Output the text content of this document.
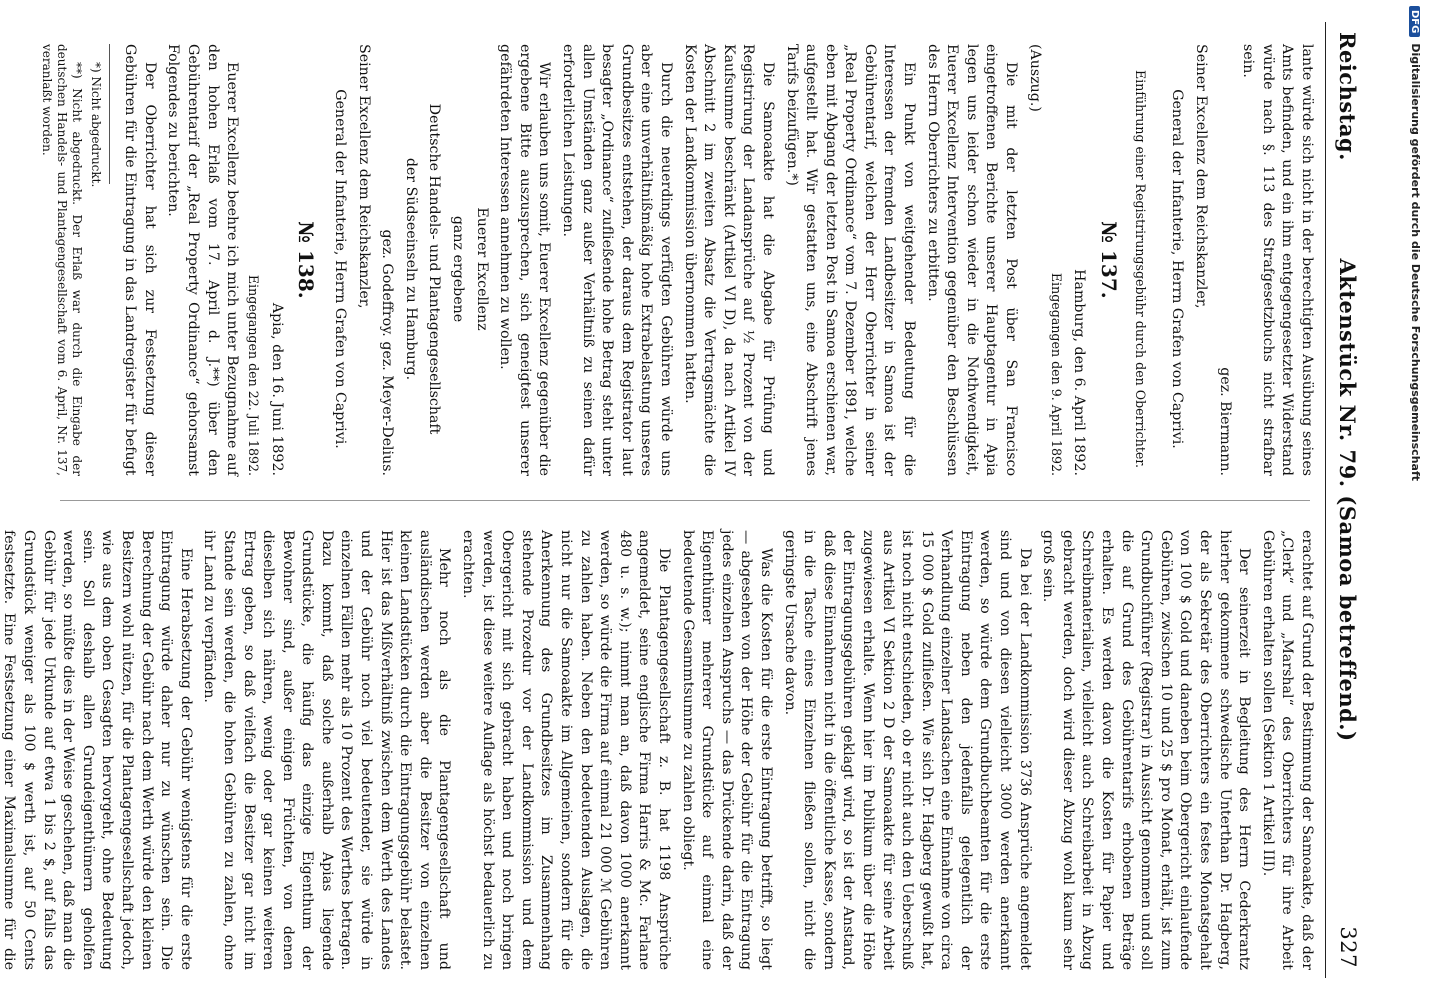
Reichstag.
Aktenstück Nr. 79. (Samoa betreffend.)
327

lante würde sich nicht in der berechtigten Ausübung seines Amts befinden, und ein ihm entgegengesetzter Widerstand würde nach §. 113 des Strafgesetzbuchs nicht strafbar sein.

gez. Biermann.

Seiner Excellenz dem Reichskanzler,

General der Infanterie, Herrn Grafen von Caprivi.

Einführung einer Registrirungsgebühr durch den Oberrichter.

№ 137.

Hamburg, den 6. April 1892.

Eingegangen den 9. April 1892.

(Auszug.)

Die mit der letzten Post über San Francisco eingetroffenen Berichte unserer Hauptagentur in Apia legen uns leider schon wieder in die Nothwendigkeit, Euerer Excellenz Intervention gegenüber den Beschlüssen des Herrn Oberrichters zu erbitten.

Ein Punkt von weitgehender Bedeutung für die Interessen der fremden Landbesitzer in Samoa ist der Gebührentarif, welchen der Herr Oberrichter in seiner „Real Property Ordinance“ vom 7. Dezember 1891, welche eben mit Abgang der letzten Post in Samoa erschienen war, aufgestellt hat. Wir gestatten uns, eine Abschrift jenes Tarifs beizufügen.*)

Die Samoaakte hat die Abgabe für Prüfung und Registrirung der Landansprüche auf ½ Prozent von der Kaufsumme beschränkt (Artikel VI D), da nach Artikel IV Abschnitt 2 im zweiten Absatz die Vertragsmächte die Kosten der Landkommission übernommen hatten.

Durch die neuerdings verfügten Gebühren würde uns aber eine unverhältnißmäßig hohe Extrabelastung unseres Grundbesitzes entstehen, der daraus dem Registrator laut besagter „Ordinance“ zufließende hohe Betrag steht unter allen Umständen ganz außer Verhältniß zu seinen dafür erforderlichen Leistungen.

Wir erlauben uns somit, Euerer Excellenz gegenüber die ergebene Bitte auszusprechen, sich geneigtest unserer gefährdeten Interessen annehmen zu wollen.

Euerer Excellenz

ganz ergebene

Deutsche Handels- und Plantagengesellschaft

der Südseeinseln zu Hamburg.

gez. Godeffroy. gez. Meyer-Delius.

Seiner Excellenz dem Reichskanzler,

General der Infanterie, Herrn Grafen von Caprivi.

№ 138.

Apia, den 16. Juni 1892.

Eingegangen den 22. Juli 1892.

Euerer Excellenz beehre ich mich unter Bezugnahme auf den hohen Erlaß vom 17. April d. J.**) über den Gebührentarif der „Real Property Ordinance“ gehorsamst Folgendes zu berichten.

Der Oberrichter hat sich zur Festsetzung dieser Gebühren für die Eintragung in das Landregister für befugt

*) Nicht abgedruckt.

**) Nicht abgedruckt. Der Erlaß war durch die Eingabe der deutschen Handels- und Plantagengesellschaft vom 6. April, Nr. 137, veranlaßt worden.

erachtet auf Grund der Bestimmung der Samoaakte, daß der „Clerk“ und „Marshal“ des Oberrichters für ihre Arbeit Gebühren erhalten sollen (Sektion 1 Artikel III).

Der seinerzeit in Begleitung des Herrn Cederkrantz hierher gekommene schwedische Unterthan Dr. Hagberg, der als Sekretär des Oberrichters ein festes Monatsgehalt von 100 $ Gold und daneben beim Obergericht einlaufende Gebühren, zwischen 10 und 25 $ pro Monat, erhält, ist zum Grundbuchführer (Registrar) in Aussicht genommen und soll die auf Grund des Gebührentarifs erhobenen Beträge erhalten. Es werden davon die Kosten für Papier und Schreibmaterialien, vielleicht auch Schreibarbeit in Abzug gebracht werden, doch wird dieser Abzug wohl kaum sehr groß sein.

Da bei der Landkommission 3736 Ansprüche angemeldet sind und von diesen vielleicht 3000 werden anerkannt werden, so würde dem Grundbuchbeamten für die erste Eintragung neben den jedenfalls gelegentlich der Verhandlung einzelner Landsachen eine Einnahme von circa 15 000 $ Gold zufließen. Wie sich Dr. Hagberg gewußt hat, ist noch nicht entschieden, ob er nicht auch den Ueberschuß aus Artikel VI Sektion 2 D der Samoaakte für seine Arbeit zugewiesen erhalte. Wenn hier im Publikum über die Höhe der Eintragungsgebühren geklagt wird, so ist der Anstand, daß diese Einnahmen nicht in die öffentliche Kasse, sondern in die Tasche eines Einzelnen fließen sollen, nicht die geringste Ursache davon.

Was die Kosten für die erste Eintragung betrifft, so liegt — abgesehen von der Höhe der Gebühr für die Eintragung jedes einzelnen Anspruchs — das Drückende darin, daß der Eigenthümer mehrerer Grundstücke auf einmal eine bedeutende Gesammtsumme zu zahlen obliegt.

Die Plantagengesellschaft z. B. hat 1198 Ansprüche angemeldet, seine englische Firma Harris & Mc. Farlane 480 u. s. w.); nimmt man an, daß davon 1000 anerkannt werden, so würde die Firma auf einmal 21 000 ℳ Gebühren zu zahlen haben. Neben den bedeutenden Auslagen, die nicht nur die Samoaakte im Allgemeinen, sondern für die Anerkennung des Grundbesitzes im Zusammenhang stehende Prozedur vor der Landkommission und dem Obergericht mit sich gebracht haben und noch bringen werden, ist diese weitere Auflage als höchst bedauerlich zu erachten.

Mehr noch als die Plantagengesellschaft und ausländischen werden aber die Besitzer von einzelnen kleinen Landstücken durch die Eintragungsgebühr belastet. Hier ist das Mißverhältniß zwischen dem Werth des Landes und der Gebühr noch viel bedeutender, sie würde in einzelnen Fällen mehr als 10 Prozent des Werthes betragen. Dazu kommt, daß solche außerhalb Apias liegende Grundstücke, die häufig das einzige Eigenthum der Bewohner sind, außer einigen Früchten, von denen dieselben sich nähren, wenig oder gar keinen weiteren Ertrag geben, so daß vielfach die Besitzer gar nicht im Stande sein werden, die hohen Gebühren zu zahlen, ohne ihr Land zu verpfänden.

Eine Herabsetzung der Gebühr wenigstens für die erste Eintragung würde daher nur zu wünschen sein. Die Berechnung der Gebühr nach dem Werth würde den kleinen Besitzern wohl nützen, für die Plantagengesellschaft jedoch, wie aus dem oben Gesagten hervorgeht, ohne Bedeutung sein. Soll deshalb allen Grundeigenthümern geholfen werden, so müßte dies in der Weise geschehen, daß man die Gebühr für jede Urkunde auf etwa 1 bis 2 $, auf falls das Grundstück weniger als 100 $ werth ist, auf 50 Cents festsetzte. Eine Festsetzung einer Maximalsumme für die

DFGDigitalisierung gefördert durch die Deutsche Forschungsgemeinschaft
